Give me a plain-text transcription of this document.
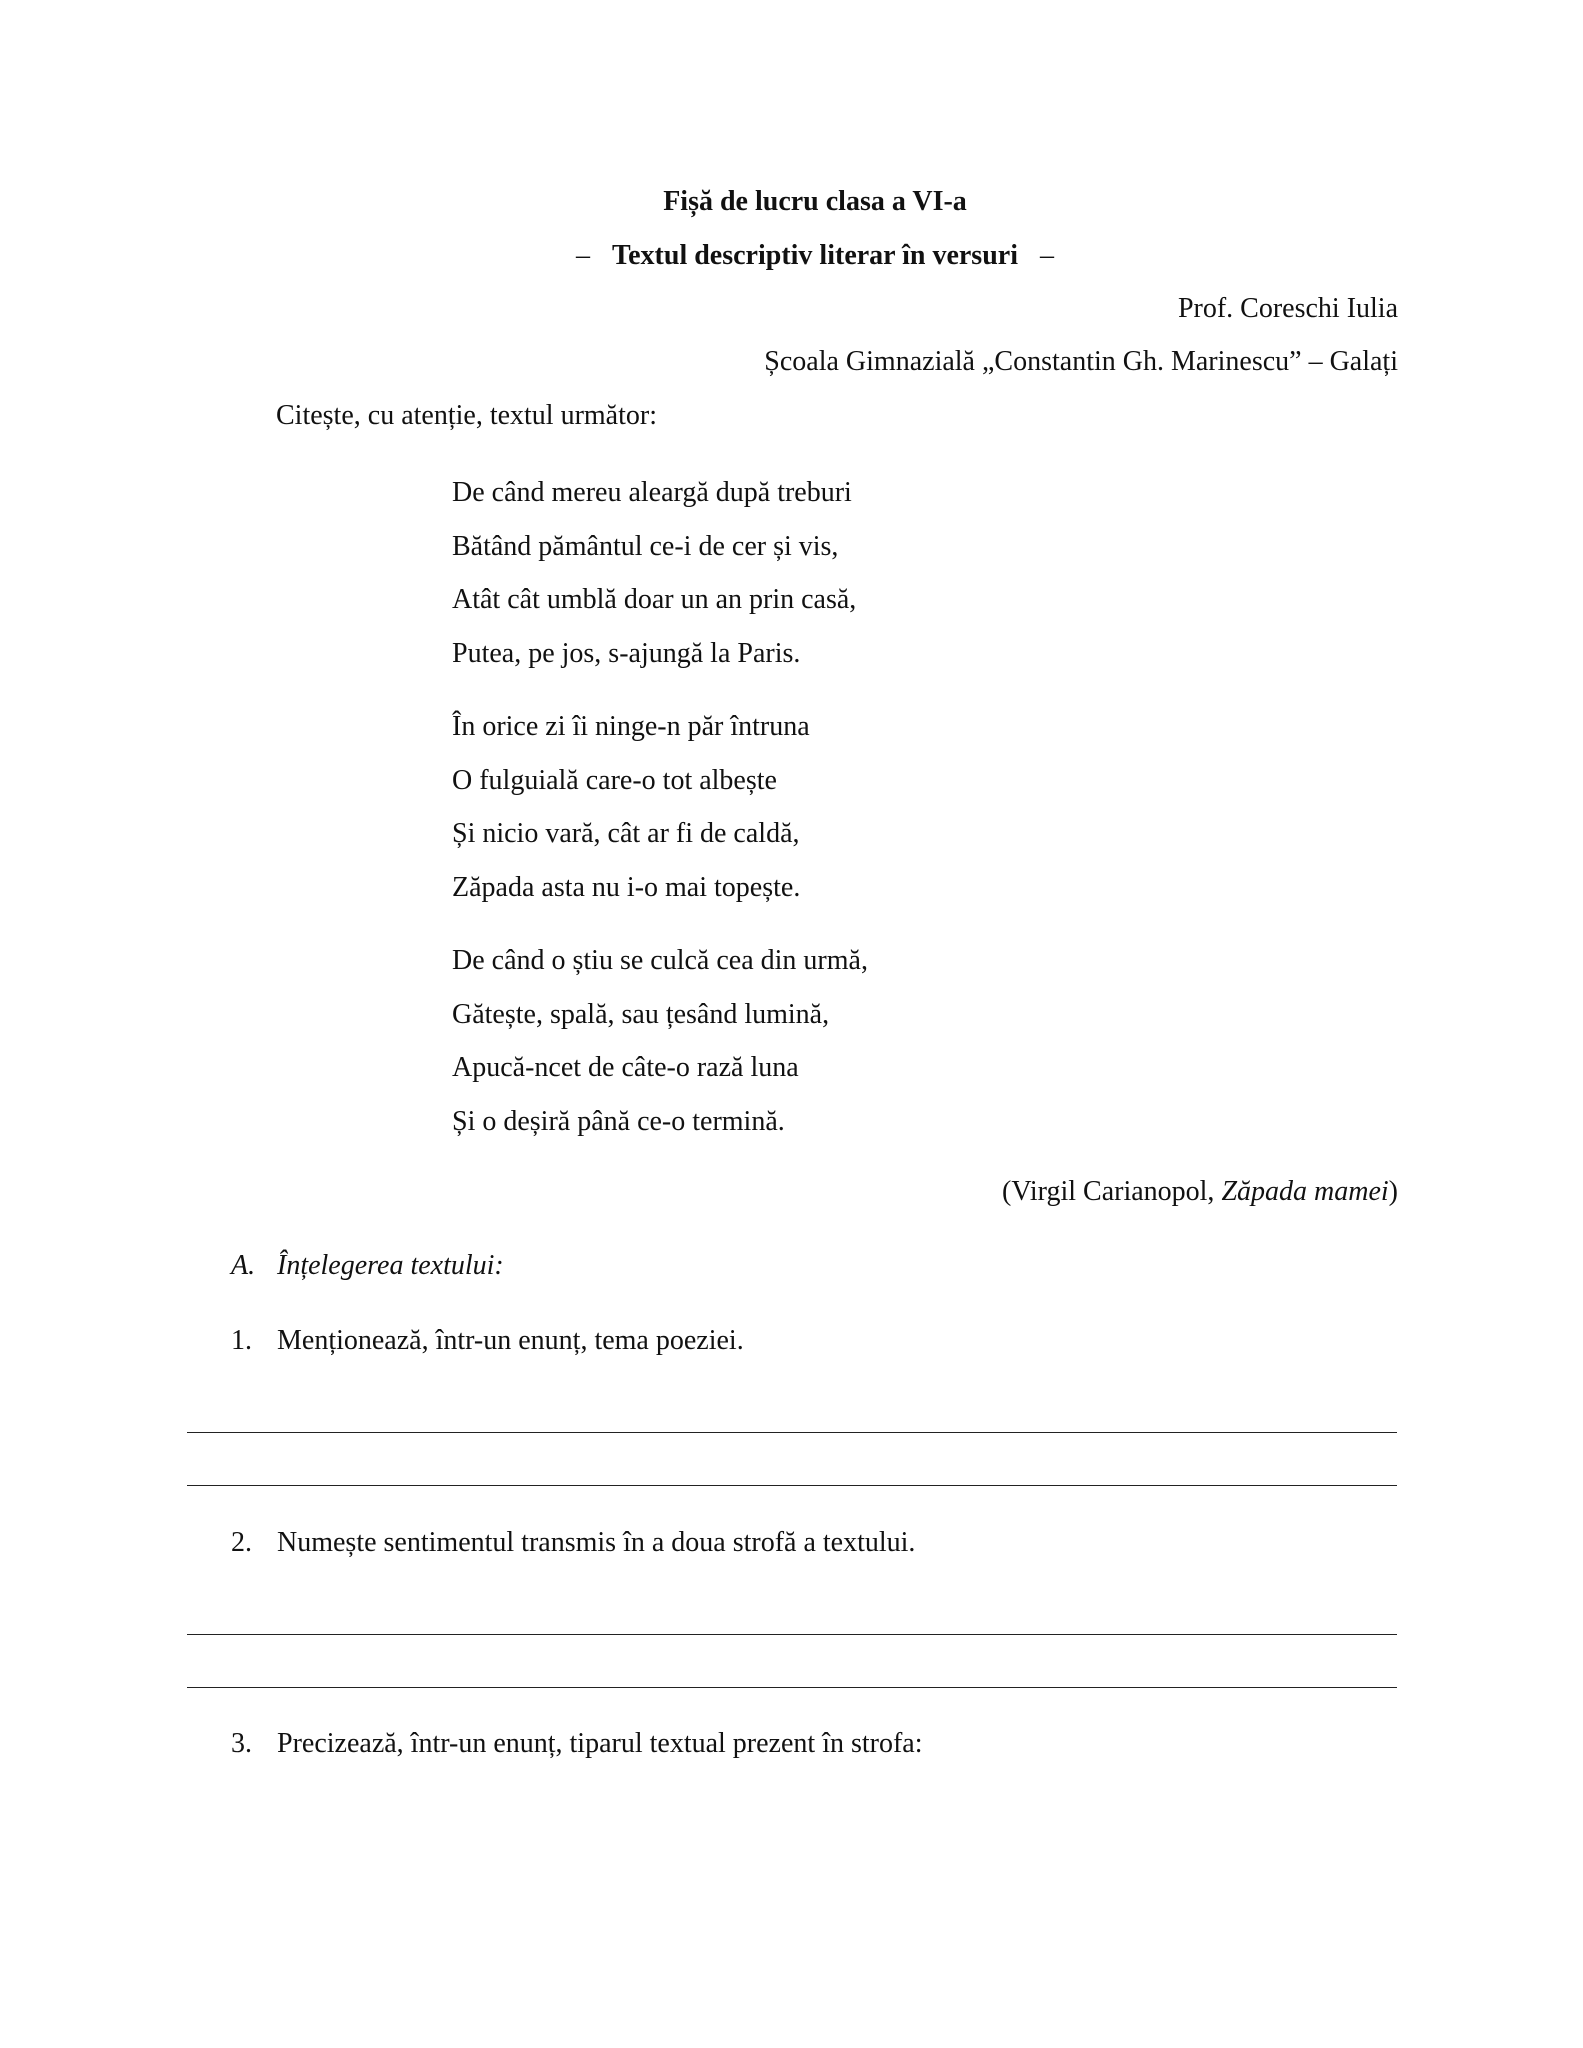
Fișă de lucru clasa a VI-a
– Textul descriptiv literar în versuri –
Prof. Coreschi Iulia
Școala Gimnazială „Constantin Gh. Marinescu” – Galați
Citește, cu atenție, textul următor:
De când mereu aleargă după treburi
Bătând pământul ce-i de cer și vis,
Atât cât umblă doar un an prin casă,
Putea, pe jos, s-ajungă la Paris.
În orice zi îi ninge-n păr întruna
O fulguială care-o tot albește
Și nicio vară, cât ar fi de caldă,
Zăpada asta nu i-o mai topește.
De când o știu se culcă cea din urmă,
Gătește, spală, sau țesând lumină,
Apucă-ncet de câte-o rază luna
Și o deșiră până ce-o termină.
(Virgil Carianopol, Zăpada mamei)
A. Înțelegerea textului:
1. Menționează, într-un enunț, tema poeziei.
2. Numește sentimentul transmis în a doua strofă a textului.
3. Precizează, într-un enunț, tiparul textual prezent în strofa:
